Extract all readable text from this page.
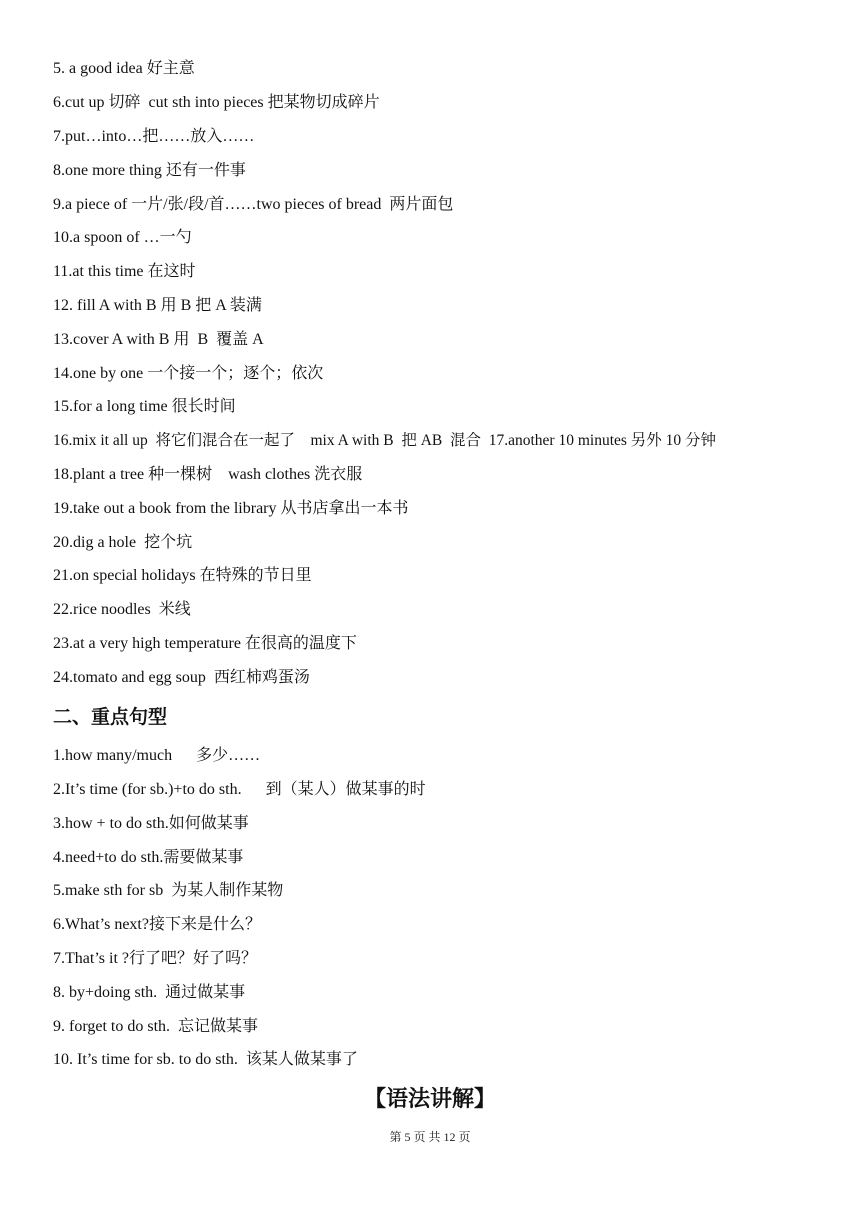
5. a good idea 好主意
6.cut up 切碎  cut sth into pieces 把某物切成碎片
7.put…into…把……放入……
8.one more thing 还有一件事
9.a piece of 一片/张/段/首……two pieces of bread  两片面包
10.a spoon of …一勺
11.at this time 在这时
12. fill A with B 用 B 把 A 装满
13.cover A with B 用  B  覆盖 A
14.one by one 一个接一个；逐个；依次
15.for a long time 很长时间
16.mix it all up  将它们混合在一起了    mix A with B  把 AB  混合  17.another 10 minutes 另外 10 分钟
18.plant a tree 种一棵树    wash clothes 洗衣服
19.take out a book from the library 从书店拿出一本书
20.dig a hole  挖个坑
21.on special holidays 在特殊的节日里
22.rice noodles  米线
23.at a very high temperature 在很高的温度下
24.tomato and egg soup  西红柿鸡蛋汤
二、重点句型
1.how many/much      多少……
2.It’s time (for sb.)+to do sth.      到（某人）做某事的时
3.how + to do sth.如何做某事
4.need+to do sth.需要做某事
5.make sth for sb  为某人制作某物
6.What’s next?接下来是什么？
7.That’s it ?行了吧？好了吗？
8. by+doing sth.  通过做某事
9. forget to do sth.  忘记做某事
10. It’s time for sb. to do sth.  该某人做某事了
【语法讲解】
第 5 页 共 12 页
